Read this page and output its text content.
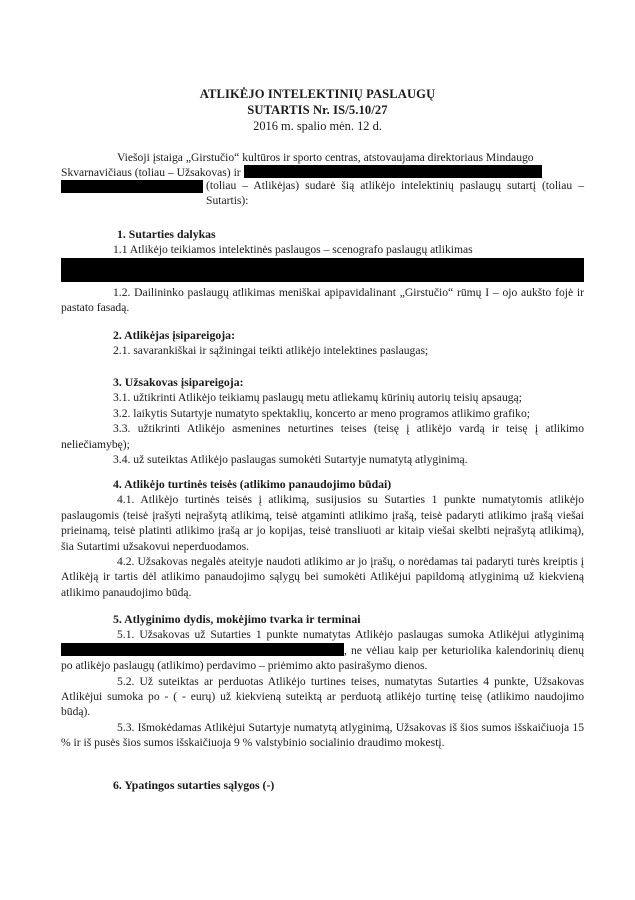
ATLIKĖJO INTELEKTINIŲ PASLAUGŲ
SUTARTIS Nr. IS/5.10/27
2016 m. spalio mėn. 12 d.

Viešoji įstaiga „Girstučio“ kultūros ir sporto centras, atstovaujama direktoriaus Mindaugo Skvarnavičiaus (toliau – Užsakovas) ir

(toliau – Atlikėjas) sudarė šią atlikėjo intelektinių paslaugų sutartį (toliau – Sutartis):

1. Sutarties dalykas

1.1 Atlikėjo teikiamos intelektinės paslaugos – scenografo paslaugų atlikimas

1.2. Dailininko paslaugų atlikimas meniškai apipavidalinant „Girstučio“ rūmų I – ojo aukšto fojė ir pastato fasadą.

2. Atlikėjas įsipareigoja:

2.1. savarankiškai ir sąžiningai teikti atlikėjo intelektines paslaugas;

3. Užsakovas įsipareigoja:

3.1. užtikrinti Atlikėjo teikiamų paslaugų metu atliekamų kūrinių autorių teisių apsaugą;

3.2. laikytis Sutartyje numatyto spektaklių, koncerto ar meno programos atlikimo grafiko;

3.3. užtikrinti Atlikėjo asmenines neturtines teises (teisę į atlikėjo vardą ir teisę į atlikimo neliečiamybę);

3.4. už suteiktas Atlikėjo paslaugas sumokėti Sutartyje numatytą atlyginimą.

4. Atlikėjo turtinės teisės (atlikimo panaudojimo būdai)

4.1. Atlikėjo turtinės teisės į atlikimą, susijusios su Sutarties 1 punkte numatytomis atlikėjo paslaugomis (teisė įrašyti neįrašytą atlikimą, teisė atgaminti atlikimo įrašą, teisė padaryti atlikimo įrašą viešai prieinamą, teisė platinti atlikimo įrašą ar jo kopijas, teisė transliuoti ar kitaip viešai skelbti neįrašytą atlikimą), šia Sutartimi užsakovui neperduodamos.

4.2. Užsakovas negalės ateityje naudoti atlikimo ar jo įrašų, o norėdamas tai padaryti turės kreiptis į Atlikėją ir tartis dėl atlikimo panaudojimo sąlygų bei sumokėti Atlikėjui papildomą atlyginimą už kiekvieną atlikimo panaudojimo būdą.

5. Atlyginimo dydis, mokėjimo tvarka ir terminai

5.1. Užsakovas už Sutarties 1 punkte numatytas Atlikėjo paslaugas sumoka Atlikėjui atlyginimą , ne vėliau kaip per keturiolika kalendorinių dienų po atlikėjo paslaugų (atlikimo) perdavimo – priėmimo akto pasirašymo dienos.

5.2. Už suteiktas ar perduotas Atlikėjo turtines teises, numatytas Sutarties 4 punkte, Užsakovas Atlikėjui sumoka po - ( - eurų) už kiekvieną suteiktą ar perduotą atlikėjo turtinę teisę (atlikimo naudojimo būdą).

5.3. Išmokėdamas Atlikėjui Sutartyje numatytą atlyginimą, Užsakovas iš šios sumos išskaičiuoja 15 % ir iš pusės šios sumos išskaičiuoja 9 % valstybinio socialinio draudimo mokestį.

6. Ypatingos sutarties sąlygos (-)
